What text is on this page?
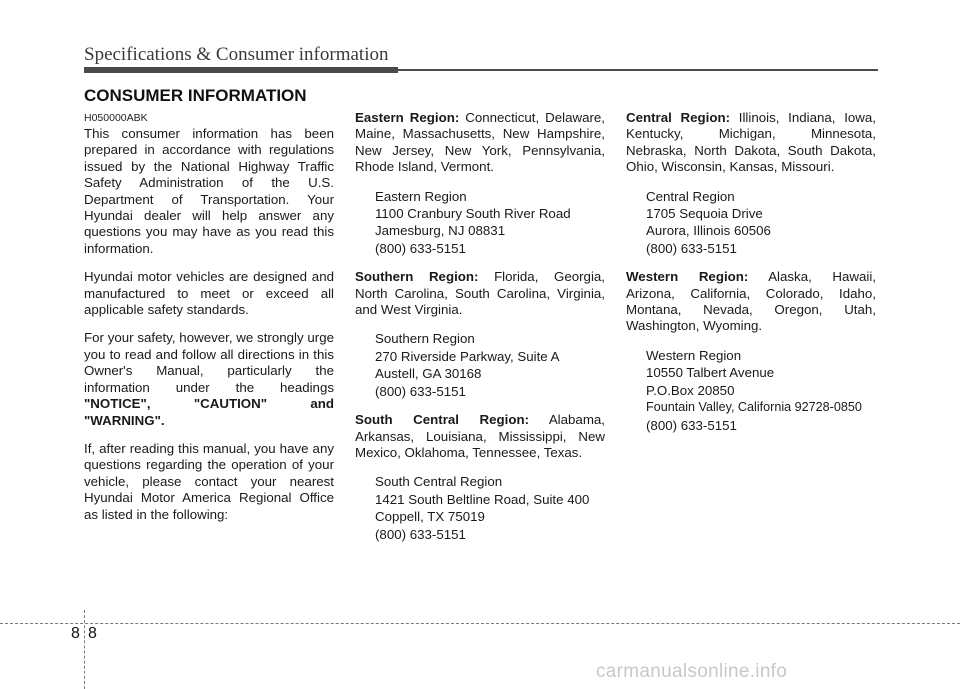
Specifications & Consumer information
CONSUMER INFORMATION
H050000ABK

This consumer information has been prepared in accordance with regulations issued by the National Highway Traffic Safety Administration of the U.S. Department of Transportation. Your Hyundai dealer will help answer any questions you may have as you read this information.

Hyundai motor vehicles are designed and manufactured to meet or exceed all applicable safety standards.

For your safety, however, we strongly urge you to read and follow all directions in this Owner's Manual, particularly the information under the headings "NOTICE", "CAUTION" and "WARNING".

If, after reading this manual, you have any questions regarding the operation of your vehicle, please contact your nearest Hyundai Motor America Regional Office as listed in the following:

Eastern Region: Connecticut, Delaware, Maine, Massachusetts, New Hampshire, New Jersey, New York, Pennsylvania, Rhode Island, Vermont.

Eastern Region
1100 Cranbury South River Road
Jamesburg, NJ 08831
(800) 633-5151

Southern Region: Florida, Georgia, North Carolina, South Carolina, Virginia, and West Virginia.

Southern Region
270 Riverside Parkway, Suite A
Austell, GA 30168
(800) 633-5151

South Central Region: Alabama, Arkansas, Louisiana, Mississippi, New Mexico, Oklahoma, Tennessee, Texas.

South Central Region
1421 South Beltline Road, Suite 400
Coppell, TX 75019
(800) 633-5151

Central Region: Illinois, Indiana, Iowa, Kentucky, Michigan, Minnesota, Nebraska, North Dakota, South Dakota, Ohio, Wisconsin, Kansas, Missouri.

Central Region
1705 Sequoia Drive
Aurora, Illinois 60506
(800) 633-5151

Western Region: Alaska, Hawaii, Arizona, California, Colorado, Idaho, Montana, Nevada, Oregon, Utah, Washington, Wyoming.

Western Region
10550 Talbert Avenue
P.O.Box 20850
Fountain Valley, California 92728-0850
(800) 633-5151
8 8
carmanualsonline.info
